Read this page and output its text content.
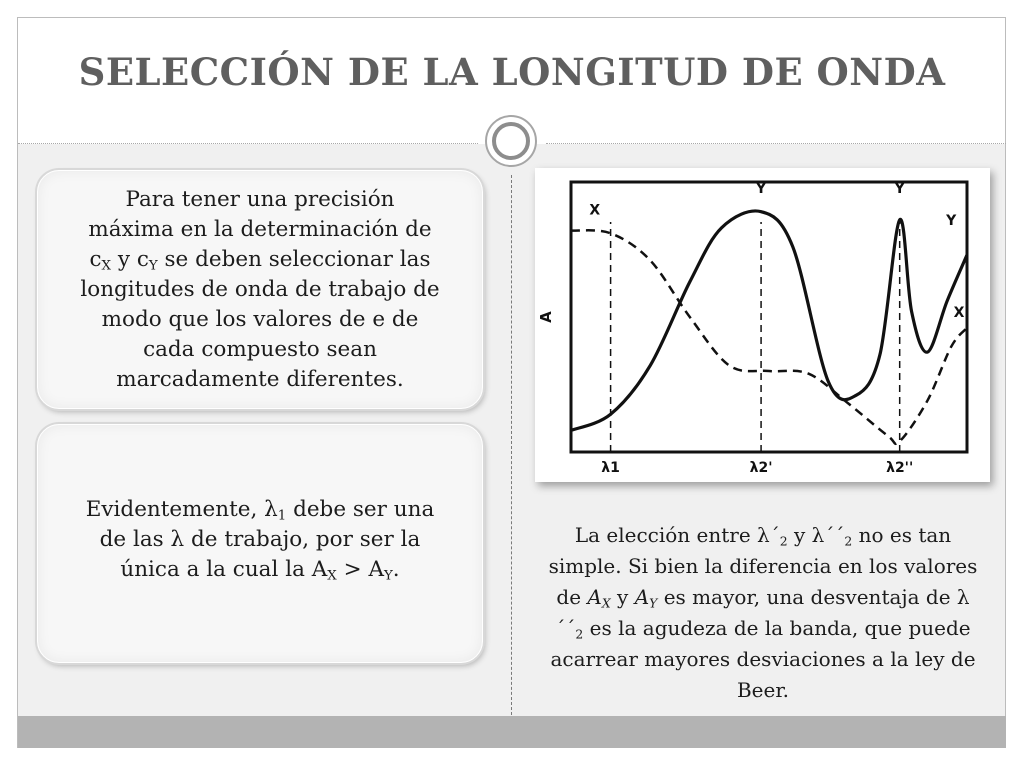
SELECCIÓN DE LA LONGITUD DE ONDA

Para tener una precisión
máxima en la determinación de
$c_X$ y $c_Y$ se deben seleccionar las
longitudes de onda de trabajo de
modo que los valores de e de
cada compuesto sean
marcadamente diferentes.

Evidentemente, $\lambda_1$ debe ser una
de las λ de trabajo, por ser la
única a la cual la $A_X > A_Y$.

X
Y	Y
Y
X
A
λ1	λ2'	λ2''

La elección entre $\lambda´_2$ y $\lambda´´_2$ no es tan simple. Si bien la diferencia en los valores de $A_X$ y $A_Y$ es mayor, una desventaja de $\lambda´´_2$ es la agudeza de la banda, que puede acarrear mayores desviaciones a la ley de Beer.
